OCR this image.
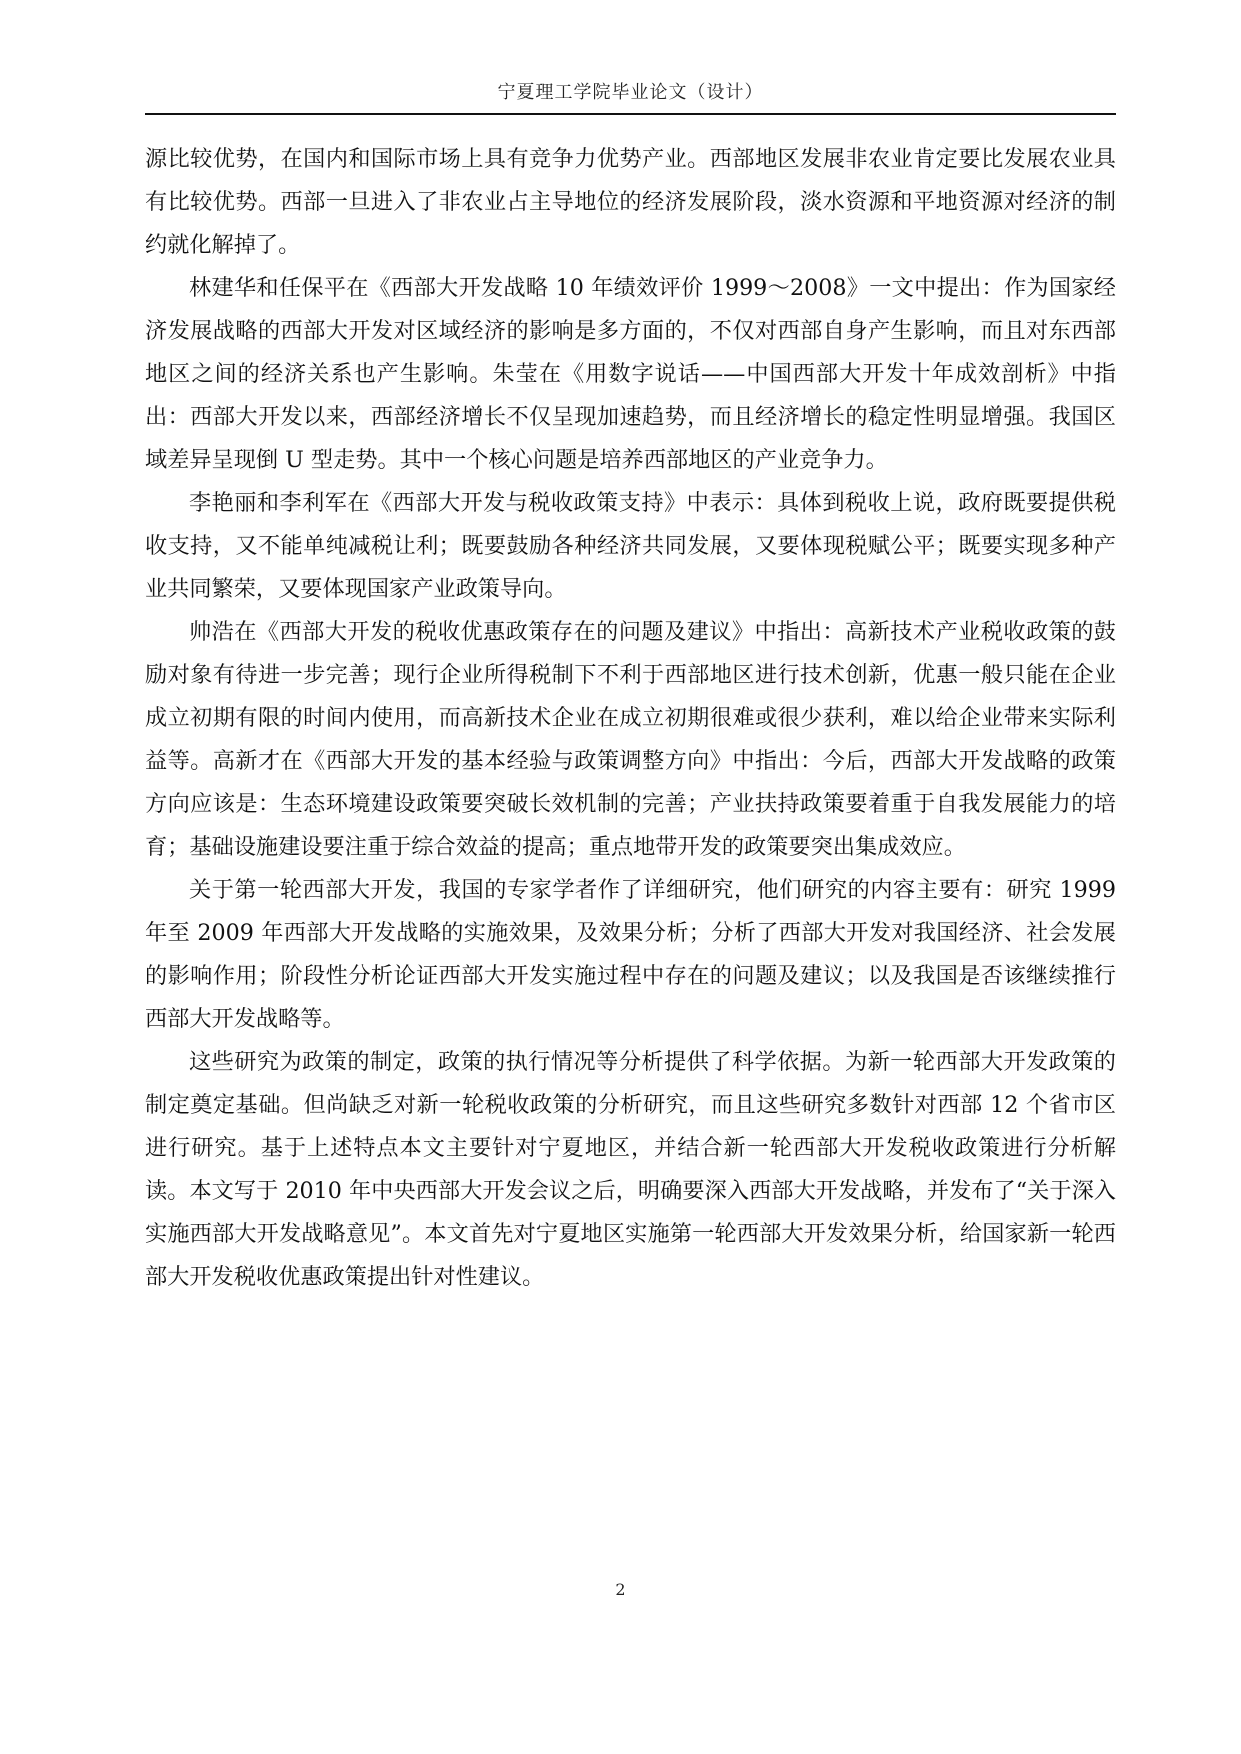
宁夏理工学院毕业论文（设计）

源比较优势，在国内和国际市场上具有竞争力优势产业。西部地区发展非农业肯定要比发展农业具有比较优势。西部一旦进入了非农业占主导地位的经济发展阶段，淡水资源和平地资源对经济的制约就化解掉了。

林建华和任保平在《西部大开发战略 10 年绩效评价 1999～2008》一文中提出：作为国家经济发展战略的西部大开发对区域经济的影响是多方面的，不仅对西部自身产生影响，而且对东西部地区之间的经济关系也产生影响。朱莹在《用数字说话——中国西部大开发十年成效剖析》中指出：西部大开发以来，西部经济增长不仅呈现加速趋势，而且经济增长的稳定性明显增强。我国区域差异呈现倒 U 型走势。其中一个核心问题是培养西部地区的产业竞争力。

李艳丽和李利军在《西部大开发与税收政策支持》中表示：具体到税收上说，政府既要提供税收支持，又不能单纯减税让利；既要鼓励各种经济共同发展，又要体现税赋公平；既要实现多种产业共同繁荣，又要体现国家产业政策导向。

帅浩在《西部大开发的税收优惠政策存在的问题及建议》中指出：高新技术产业税收政策的鼓励对象有待进一步完善；现行企业所得税制下不利于西部地区进行技术创新，优惠一般只能在企业成立初期有限的时间内使用，而高新技术企业在成立初期很难或很少获利，难以给企业带来实际利益等。高新才在《西部大开发的基本经验与政策调整方向》中指出：今后，西部大开发战略的政策方向应该是：生态环境建设政策要突破长效机制的完善；产业扶持政策要着重于自我发展能力的培育；基础设施建设要注重于综合效益的提高；重点地带开发的政策要突出集成效应。

关于第一轮西部大开发，我国的专家学者作了详细研究，他们研究的内容主要有：研究 1999 年至 2009 年西部大开发战略的实施效果，及效果分析；分析了西部大开发对我国经济、社会发展的影响作用；阶段性分析论证西部大开发实施过程中存在的问题及建议；以及我国是否该继续推行西部大开发战略等。

这些研究为政策的制定，政策的执行情况等分析提供了科学依据。为新一轮西部大开发政策的制定奠定基础。但尚缺乏对新一轮税收政策的分析研究，而且这些研究多数针对西部 12 个省市区进行研究。基于上述特点本文主要针对宁夏地区，并结合新一轮西部大开发税收政策进行分析解读。本文写于 2010 年中央西部大开发会议之后，明确要深入西部大开发战略，并发布了“关于深入实施西部大开发战略意见”。本文首先对宁夏地区实施第一轮西部大开发效果分析，给国家新一轮西部大开发税收优惠政策提出针对性建议。

2
